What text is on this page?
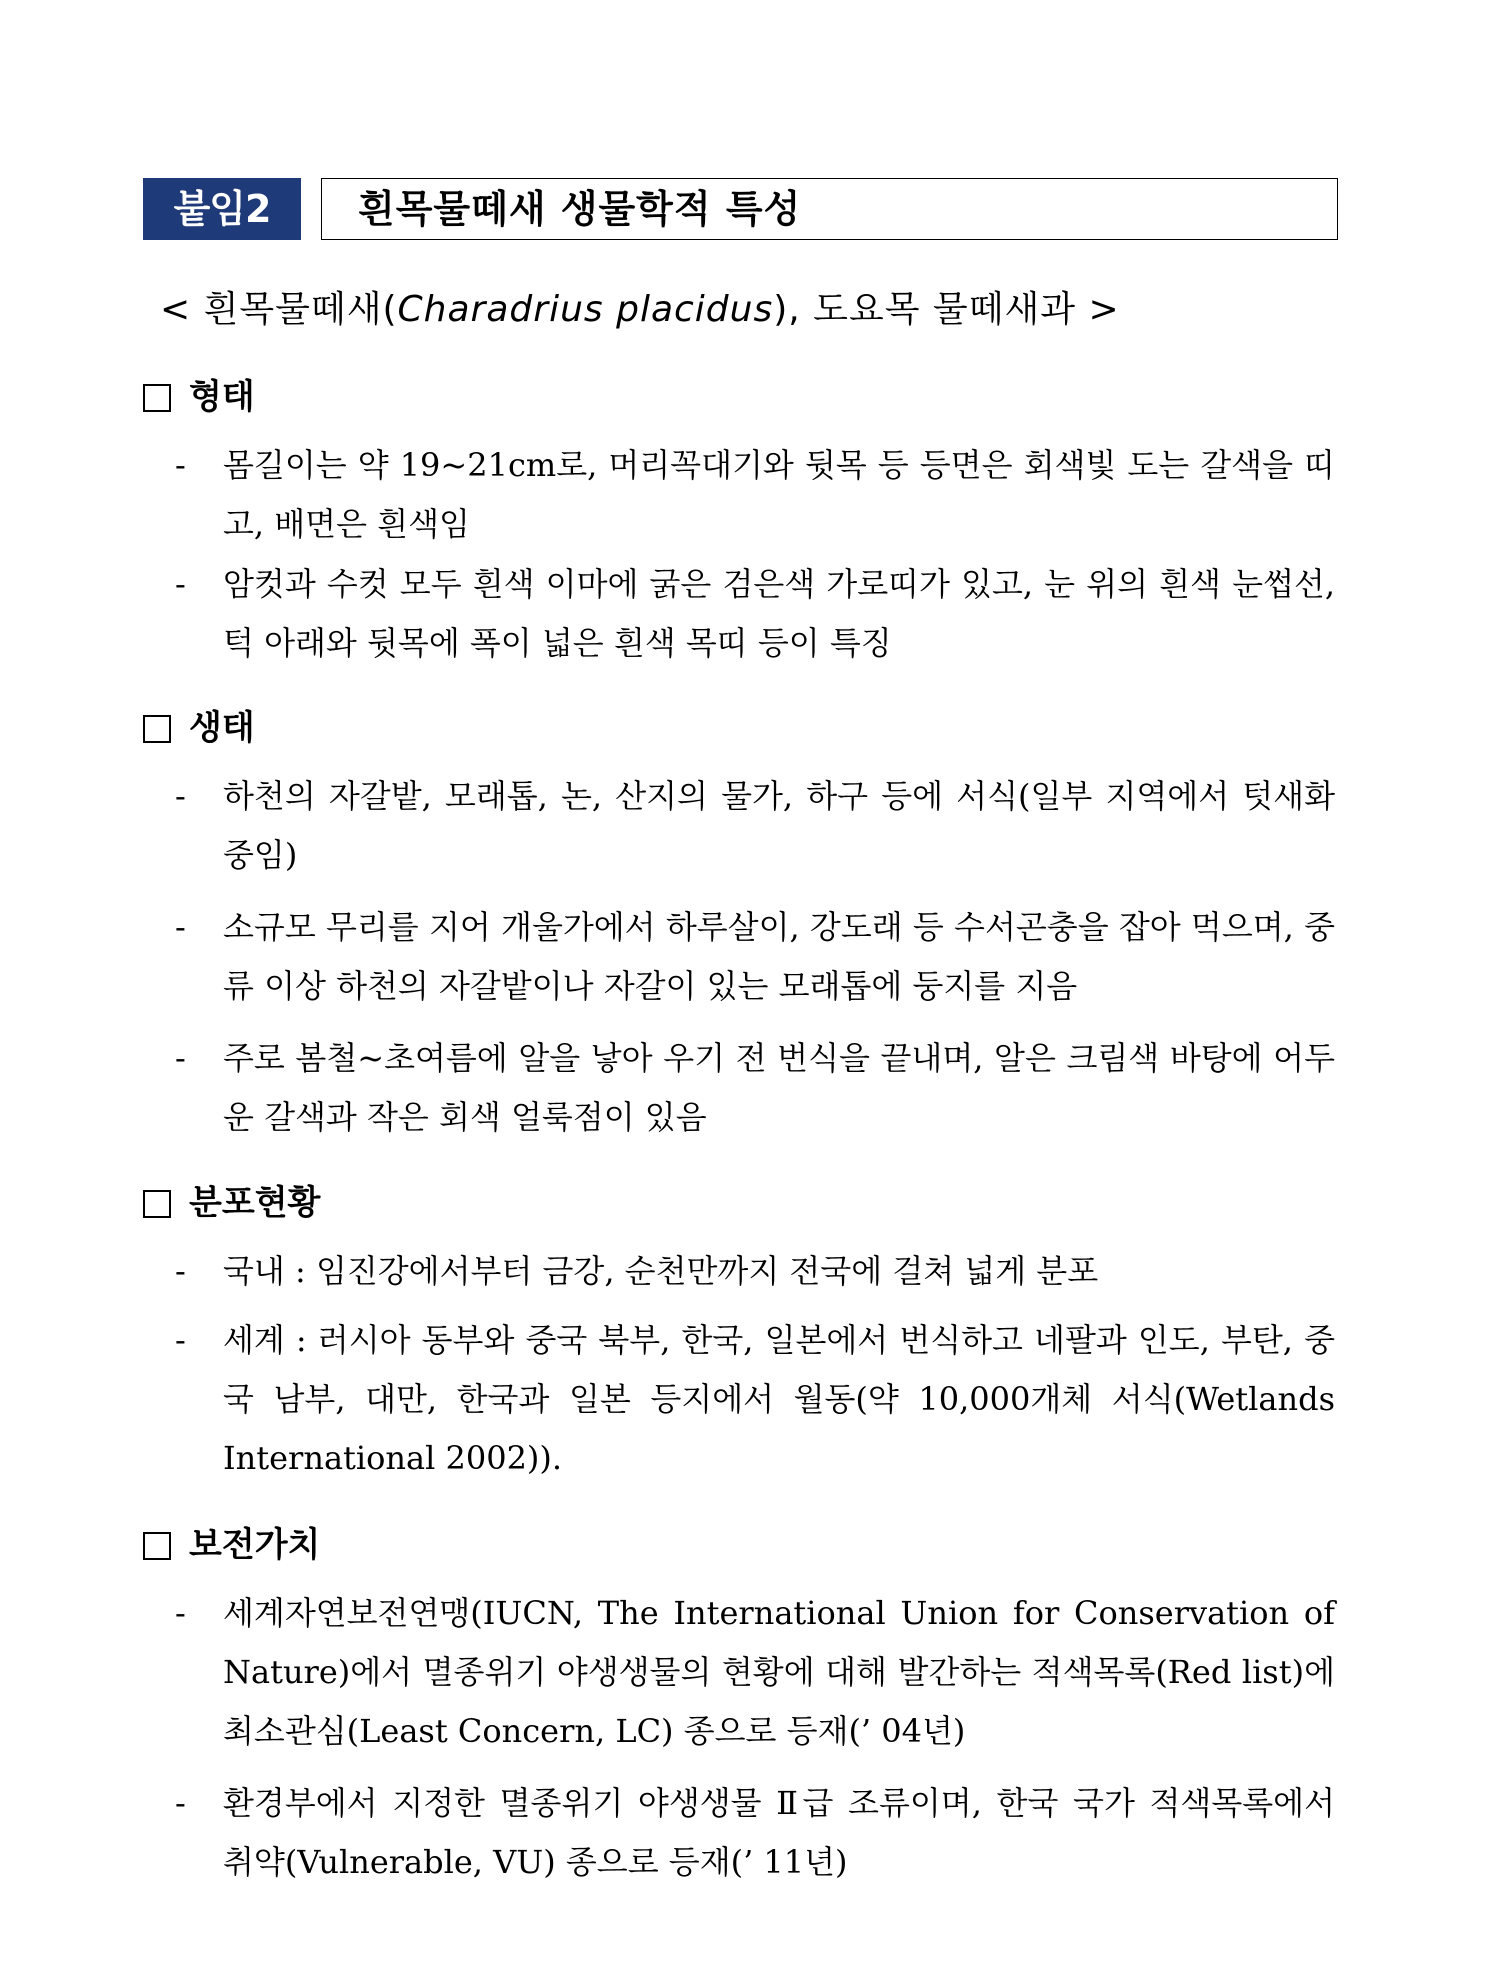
붙임2	흰목물떼새 생물학적 특성
< 흰목물떼새(Charadrius placidus), 도요목 물떼새과 >
형태
- 몸길이는 약 19~21cm로, 머리꼭대기와 뒷목 등 등면은 회색빛 도는 갈색을 띠고, 배면은 흰색임
- 암컷과 수컷 모두 흰색 이마에 굵은 검은색 가로띠가 있고, 눈 위의 흰색 눈썹선, 턱 아래와 뒷목에 폭이 넓은 흰색 목띠 등이 특징
생태
- 하천의 자갈밭, 모래톱, 논, 산지의 물가, 하구 등에 서식(일부 지역에서 텃새화 중임)
- 소규모 무리를 지어 개울가에서 하루살이, 강도래 등 수서곤충을 잡아 먹으며, 중류 이상 하천의 자갈밭이나 자갈이 있는 모래톱에 둥지를 지음
- 주로 봄철~초여름에 알을 낳아 우기 전 번식을 끝내며, 알은 크림색 바탕에 어두운 갈색과 작은 회색 얼룩점이 있음
분포현황
- 국내 : 임진강에서부터 금강, 순천만까지 전국에 걸쳐 넓게 분포
- 세계 : 러시아 동부와 중국 북부, 한국, 일본에서 번식하고 네팔과 인도, 부탄, 중국 남부, 대만, 한국과 일본 등지에서 월동(약 10,000개체 서식(Wetlands International 2002)).
보전가치
- 세계자연보전연맹(IUCN, The International Union for Conservation of Nature)에서 멸종위기 야생생물의 현황에 대해 발간하는 적색목록(Red list)에 최소관심(Least Concern, LC) 종으로 등재(’ 04년)
- 환경부에서 지정한 멸종위기 야생생물 Ⅱ급 조류이며, 한국 국가 적색목록에서 취약(Vulnerable, VU) 종으로 등재(’ 11년)
